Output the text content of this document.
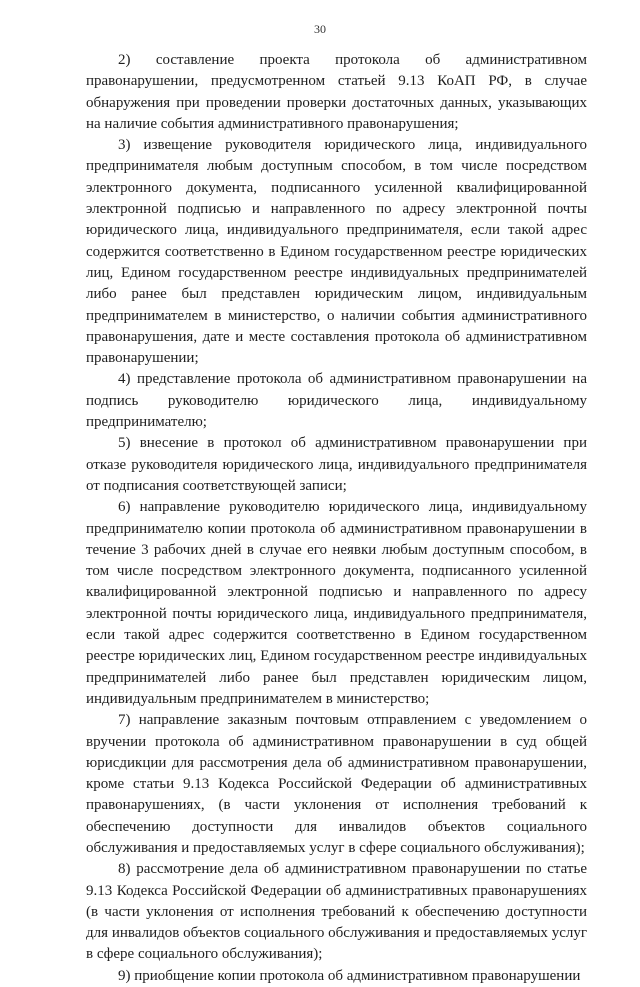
30

2) составление проекта протокола об административном правонарушении, предусмотренном статьей 9.13 КоАП РФ, в случае обнаружения при проведении проверки достаточных данных, указывающих на наличие события административного правонарушения;

3) извещение руководителя юридического лица, индивидуального предпринимателя любым доступным способом, в том числе посредством электронного документа, подписанного усиленной квалифицированной электронной подписью и направленного по адресу электронной почты юридического лица, индивидуального предпринимателя, если такой адрес содержится соответственно в Едином государственном реестре юридических лиц, Едином государственном реестре индивидуальных предпринимателей либо ранее был представлен юридическим лицом, индивидуальным предпринимателем в министерство, о наличии события административного правонарушения, дате и месте составления протокола об административном правонарушении;

4) представление протокола об административном правонарушении на подпись руководителю юридического лица, индивидуальному предпринимателю;

5) внесение в протокол об административном правонарушении при отказе руководителя юридического лица, индивидуального предпринимателя от подписания соответствующей записи;

6) направление руководителю юридического лица, индивидуальному предпринимателю копии протокола об административном правонарушении в течение 3 рабочих дней в случае его неявки любым доступным способом, в том числе посредством электронного документа, подписанного усиленной квалифицированной электронной подписью и направленного по адресу электронной почты юридического лица, индивидуального предпринимателя, если такой адрес содержится соответственно в Едином государственном реестре юридических лиц, Едином государственном реестре индивидуальных предпринимателей либо ранее был представлен юридическим лицом, индивидуальным предпринимателем в министерство;

7) направление заказным почтовым отправлением с уведомлением о вручении протокола об административном правонарушении в суд общей юрисдикции для рассмотрения дела об административном правонарушении, кроме статьи 9.13 Кодекса Российской Федерации об административных правонарушениях, (в части уклонения от исполнения требований к обеспечению доступности для инвалидов объектов социального обслуживания и предоставляемых услуг в сфере социального обслуживания);

8) рассмотрение дела об административном правонарушении по статье 9.13 Кодекса Российской Федерации об административных правонарушениях (в части уклонения от исполнения требований к обеспечению доступности для инвалидов объектов социального обслуживания и предоставляемых услуг в сфере социального обслуживания);

9) приобщение копии протокола об административном правонарушении
